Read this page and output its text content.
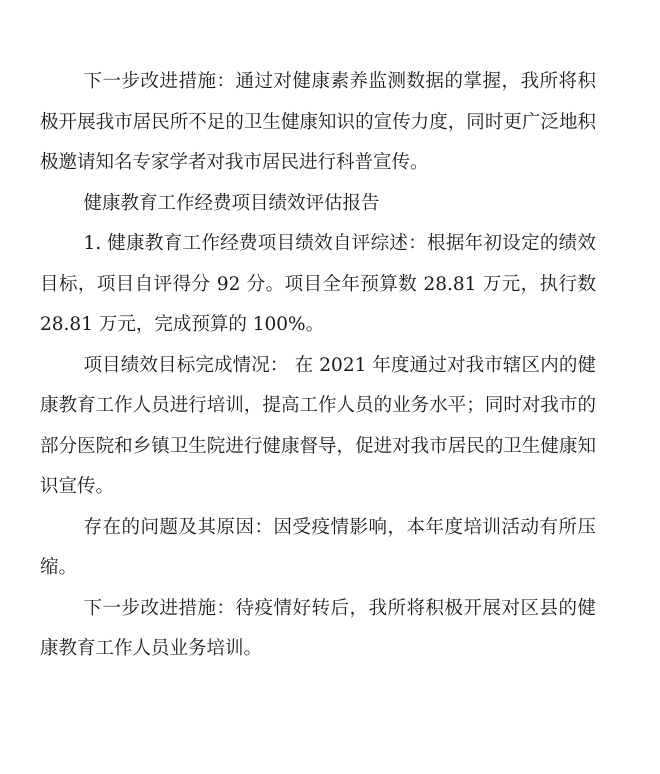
下一步改进措施：通过对健康素养监测数据的掌握，我所将积极开展我市居民所不足的卫生健康知识的宣传力度，同时更广泛地积极邀请知名专家学者对我市居民进行科普宣传。

健康教育工作经费项目绩效评估报告

1. 健康教育工作经费项目绩效自评综述：根据年初设定的绩效目标，项目自评得分 92 分。项目全年预算数 28.81 万元，执行数 28.81 万元，完成预算的 100%。

项目绩效目标完成情况： 在 2021 年度通过对我市辖区内的健康教育工作人员进行培训，提高工作人员的业务水平；同时对我市的部分医院和乡镇卫生院进行健康督导，促进对我市居民的卫生健康知识宣传。

存在的问题及其原因：因受疫情影响，本年度培训活动有所压缩。

下一步改进措施：待疫情好转后，我所将积极开展对区县的健康教育工作人员业务培训。
